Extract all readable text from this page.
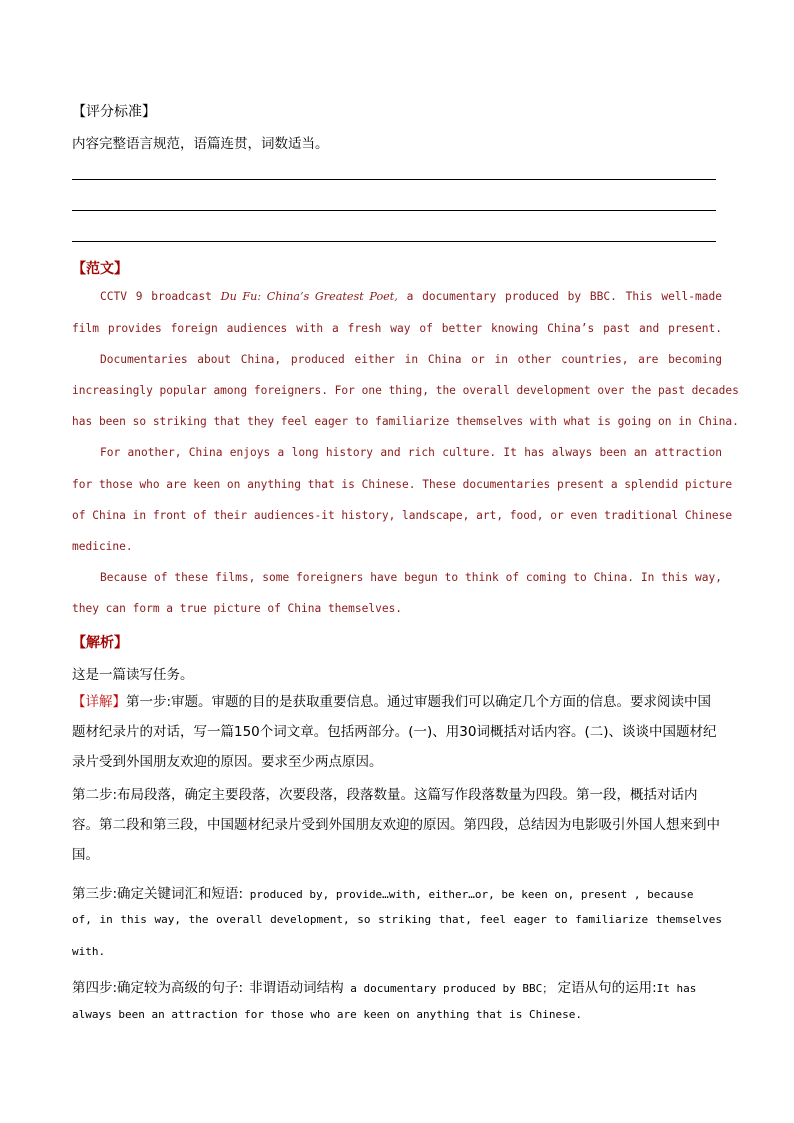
【评分标准】
内容完整语言规范，语篇连贯，词数适当。
【范文】
CCTV 9 broadcast Du Fu: China’s Greatest Poet, a documentary produced by BBC. This well-made
film provides foreign audiences with a fresh way of better knowing China’s past and present.
Documentaries about China, produced either in China or in other countries, are becoming
increasingly popular among foreigners. For one thing, the overall development over the past decades
has been so striking that they feel eager to familiarize themselves with what is going on in China.
For another, China enjoys a long history and rich culture. It has always been an attraction
for those who are keen on anything that is Chinese. These documentaries present a splendid picture
of China in front of their audiences-it history, landscape, art, food, or even traditional Chinese
medicine.
Because of these films, some foreigners have begun to think of coming to China. In this way,
they can form a true picture of China themselves.
【解析】
这是一篇读写任务。
【详解】第一步:审题。审题的目的是获取重要信息。通过审题我们可以确定几个方面的信息。要求阅读中国题材纪录片的对话，写一篇150个词文章。包括两部分。(一)、用30词概括对话内容。(二)、谈谈中国题材纪录片受到外国朋友欢迎的原因。要求至少两点原因。
第二步:布局段落，确定主要段落，次要段落，段落数量。这篇写作段落数量为四段。第一段，概括对话内容。第二段和第三段，中国题材纪录片受到外国朋友欢迎的原因。第四段，总结因为电影吸引外国人想来到中国。
第三步:确定关键词汇和短语: produced by, provide…with, either…or, be keen on, present , because
of, in this way, the overall development, so striking that, feel eager to familiarize themselves
with.
第四步:确定较为高级的句子: 非谓语动词结构 a documentary produced by BBC； 定语从句的运用:It has
always been an attraction for those who are keen on anything that is Chinese.
